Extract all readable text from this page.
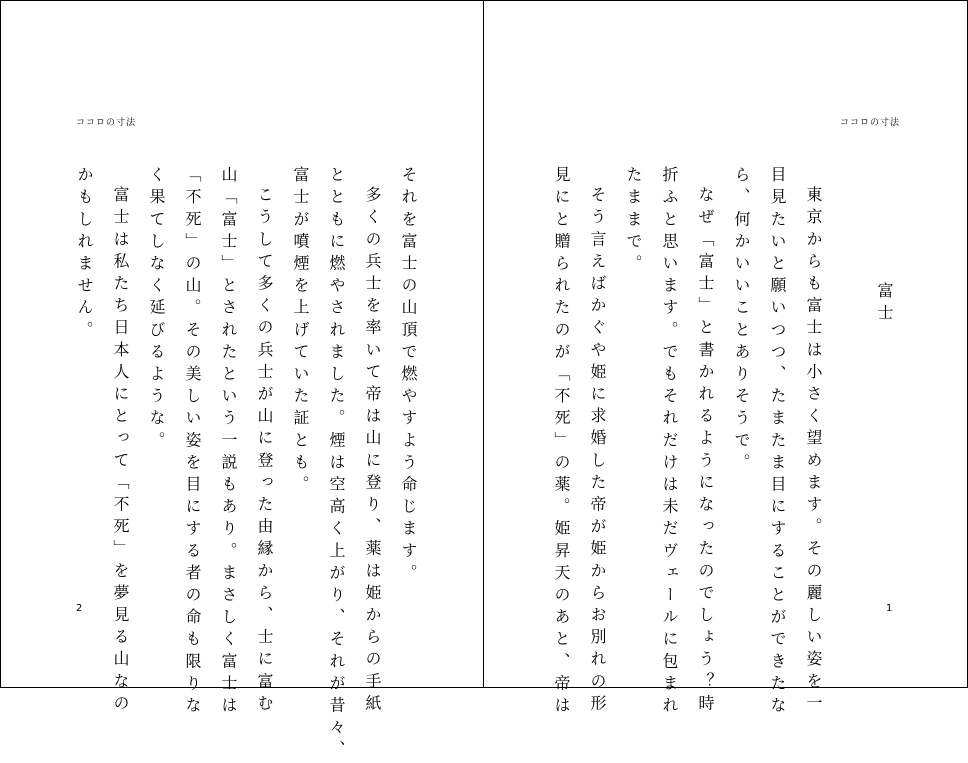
ココロの寸法
2
それを富士の山頂で燃やすよう命じます。
多くの兵士を率いて帝は山に登り、薬は姫からの手紙
とともに燃やされました。煙は空高く上がり、それが昔々、
富士が噴煙を上げていた証とも。
こうして多くの兵士が山に登った由縁から、士に富む
山「富士」とされたという一説もあり。まさしく富士は
「不死」の山。その美しい姿を目にする者の命も限りな
く果てしなく延びるような。
富士は私たち日本人にとって「不死」を夢見る山なの
かもしれません。
ココロの寸法
1
富士
東京からも富士は小さく望めます。その麗しい姿を一
目見たいと願いつつ、たまたま目にすることができたな
ら、何かいいことありそうで。
なぜ「富士」と書かれるようになったのでしょう？時
折ふと思います。でもそれだけは未だヴェールに包まれ
たままで。
そう言えばかぐや姫に求婚した帝が姫からお別れの形
見にと贈られたのが「不死」の薬。姫昇天のあと、帝は
